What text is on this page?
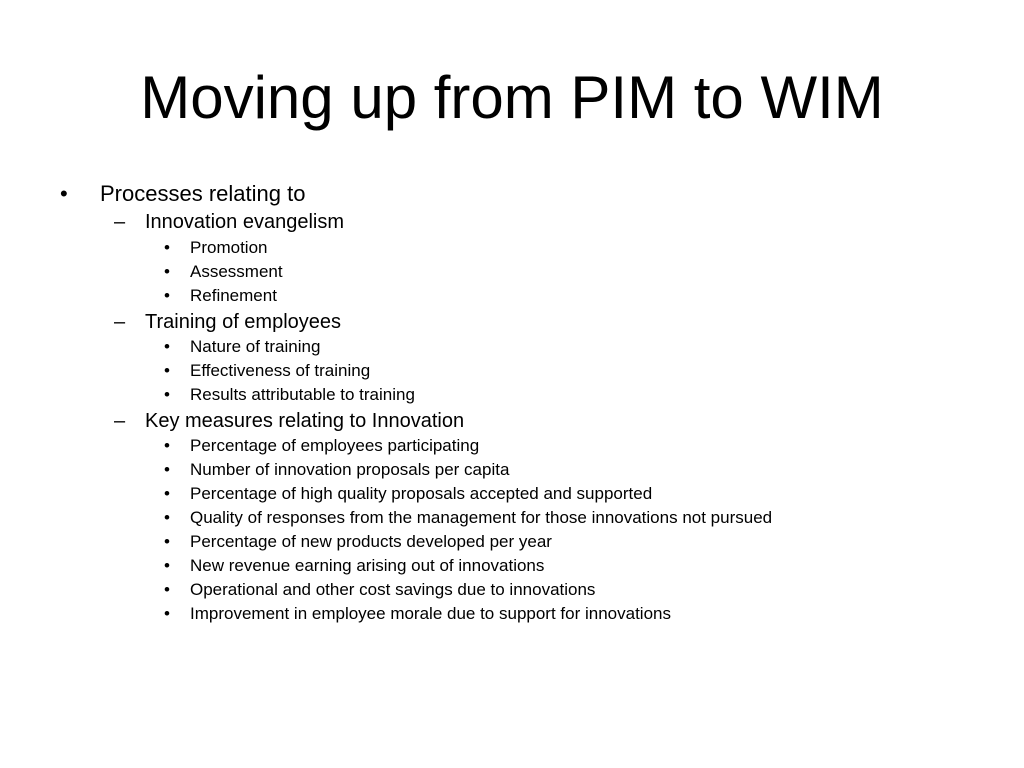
Moving up from PIM to WIM
• Processes relating to
– Innovation evangelism
• Promotion
• Assessment
• Refinement
– Training of employees
• Nature of training
• Effectiveness of training
• Results attributable to training
– Key measures relating to Innovation
• Percentage of employees participating
• Number of innovation proposals per capita
• Percentage of high quality proposals accepted and supported
• Quality of responses from the management for those innovations not pursued
• Percentage of new products developed per year
• New revenue earning arising out of innovations
• Operational and other cost savings due to innovations
• Improvement in employee morale due to support for innovations
